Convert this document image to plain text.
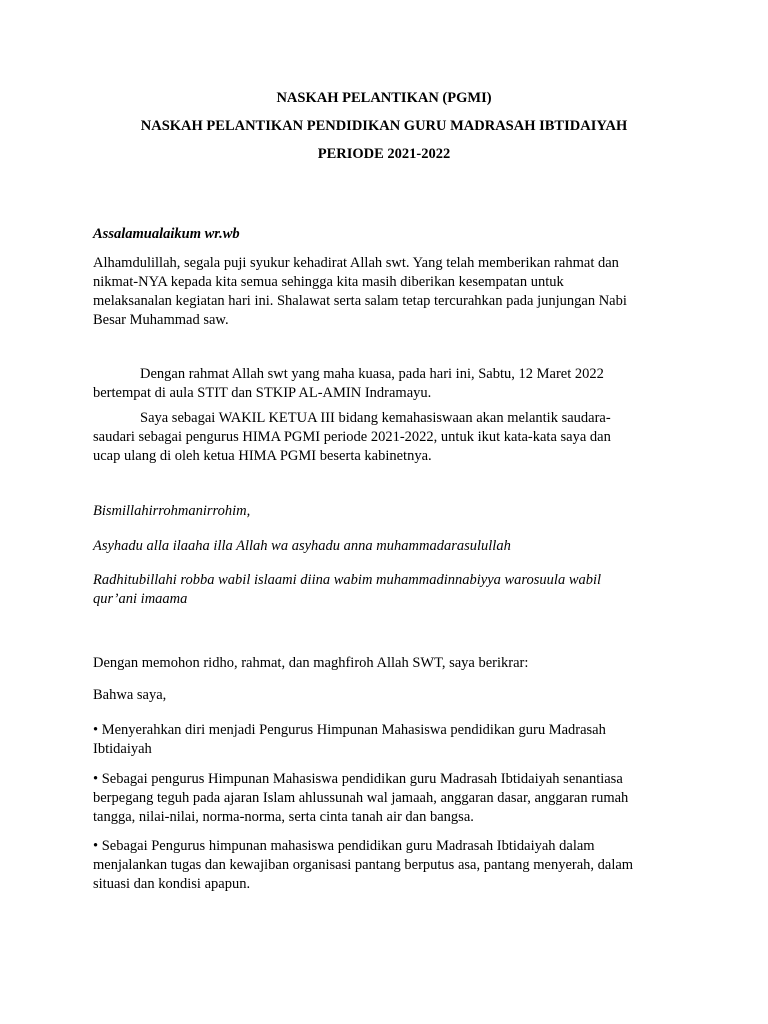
NASKAH PELANTIKAN (PGMI)
NASKAH PELANTIKAN PENDIDIKAN GURU MADRASAH IBTIDAIYAH
PERIODE 2021-2022

Assalamualaikum wr.wb

Alhamdulillah, segala puji syukur kehadirat Allah swt. Yang telah memberikan rahmat dan
nikmat-NYA kepada kita semua sehingga kita masih diberikan kesempatan untuk
melaksanalan kegiatan hari ini. Shalawat serta salam tetap tercurahkan pada junjungan Nabi
Besar Muhammad saw.

Dengan rahmat Allah swt yang maha kuasa, pada hari ini, Sabtu, 12 Maret 2022
bertempat di aula STIT dan STKIP AL-AMIN Indramayu.

Saya sebagai WAKIL KETUA III bidang kemahasiswaan akan melantik saudara-
saudari sebagai pengurus HIMA PGMI periode 2021-2022, untuk ikut kata-kata saya dan
ucap ulang di oleh ketua HIMA PGMI beserta kabinetnya.

Bismillahirrohmanirrohim,

Asyhadu alla ilaaha illa Allah wa asyhadu anna muhammadarasulullah

Radhitubillahi robba wabil islaami diina wabim muhammadinnabiyya warosuula wabil
qur’ani imaama

Dengan memohon ridho, rahmat, dan maghfiroh Allah SWT, saya berikrar:

Bahwa saya,

• Menyerahkan diri menjadi Pengurus Himpunan Mahasiswa pendidikan guru Madrasah
Ibtidaiyah

• Sebagai pengurus Himpunan Mahasiswa pendidikan guru Madrasah Ibtidaiyah senantiasa
berpegang teguh pada ajaran Islam ahlussunah wal jamaah, anggaran dasar, anggaran rumah
tangga, nilai-nilai, norma-norma, serta cinta tanah air dan bangsa.

• Sebagai Pengurus himpunan mahasiswa pendidikan guru Madrasah Ibtidaiyah dalam
menjalankan tugas dan kewajiban organisasi pantang berputus asa, pantang menyerah, dalam
situasi dan kondisi apapun.
